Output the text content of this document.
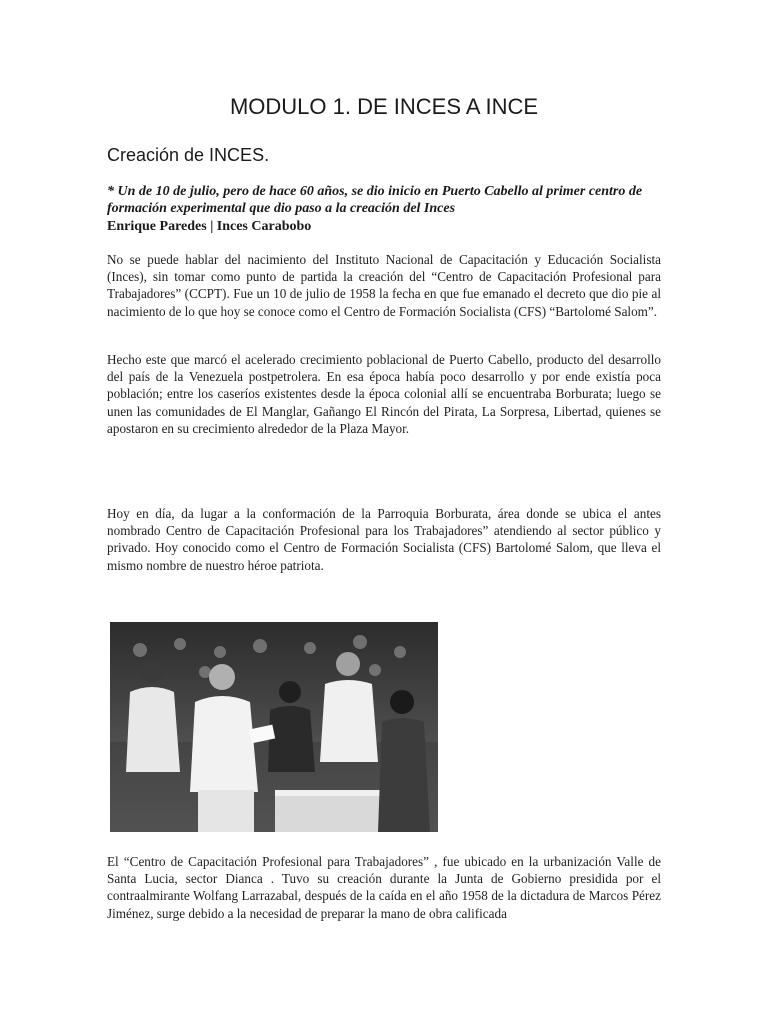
MODULO 1. DE INCES A INCE
Creación de INCES.

* Un de 10 de julio, pero de hace 60 años, se dio inicio en Puerto Cabello al primer centro de formación experimental que dio paso a la creación del Inces

Enrique Paredes | Inces Carabobo

No se puede hablar del nacimiento del Instituto Nacional de Capacitación y Educación Socialista (Inces), sin tomar como punto de partida la creación del “Centro de Capacitación Profesional para Trabajadores” (CCPT). Fue un 10 de julio de 1958 la fecha en que fue emanado el decreto que dio pie al nacimiento de lo que hoy se conoce como el Centro de Formación Socialista (CFS) “Bartolomé Salom”.

Hecho este que marcó el acelerado crecimiento poblacional de Puerto Cabello, producto del desarrollo del país de la Venezuela postpetrolera. En esa época había poco desarrollo y por ende existía poca población; entre los caseríos existentes desde la época colonial allí se encuentraba Borburata; luego se unen las comunidades de El Manglar, Gañango El Rincón del Pirata, La Sorpresa, Libertad, quienes se apostaron en su crecimiento alrededor de la Plaza Mayor.

Hoy en día, da lugar a la conformación de la Parroquia Borburata, área donde se ubica el antes nombrado Centro de Capacitación Profesional para los Trabajadores” atendiendo al sector público y privado. Hoy conocido como el Centro de Formación Socialista (CFS) Bartolomé Salom, que lleva el mismo nombre de nuestro héroe patriota.

El “Centro de Capacitación Profesional para Trabajadores” , fue ubicado en la urbanización Valle de Santa Lucia, sector Dianca . Tuvo su creación durante la Junta de Gobierno presidida por el contraalmirante Wolfang Larrazabal, después de la caída en el año 1958 de la dictadura de Marcos Pérez Jiménez, surge debido a la necesidad de preparar la mano de obra calificada
